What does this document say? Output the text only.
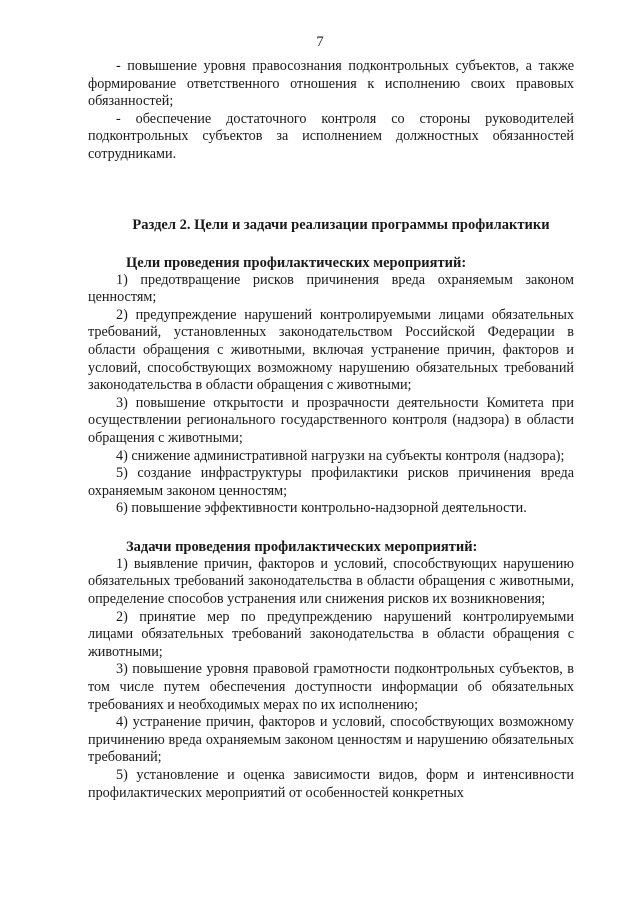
7

- повышение уровня правосознания подконтрольных субъектов, а также формирование ответственного отношения к исполнению своих правовых обязанностей;

- обеспечение достаточного контроля со стороны руководителей подконтрольных субъектов за исполнением должностных обязанностей сотрудниками.

Раздел 2. Цели и задачи реализации программы профилактики
Цели проведения профилактических мероприятий:

1) предотвращение рисков причинения вреда охраняемым законом ценностям;

2) предупреждение нарушений контролируемыми лицами обязательных требований, установленных законодательством Российской Федерации в области обращения с животными, включая устранение причин, факторов и условий, способствующих возможному нарушению обязательных требований законодательства в области обращения с животными;

3) повышение открытости и прозрачности деятельности Комитета при осуществлении регионального государственного контроля (надзора) в области обращения с животными;

4) снижение административной нагрузки на субъекты контроля (надзора);

5) создание инфраструктуры профилактики рисков причинения вреда охраняемым законом ценностям;

6) повышение эффективности контрольно-надзорной деятельности.

Задачи проведения профилактических мероприятий:

1) выявление причин, факторов и условий, способствующих нарушению обязательных требований законодательства в области обращения с животными, определение способов устранения или снижения рисков их возникновения;

2) принятие мер по предупреждению нарушений контролируемыми лицами обязательных требований законодательства в области обращения с животными;

3) повышение уровня правовой грамотности подконтрольных субъектов, в том числе путем обеспечения доступности информации об обязательных требованиях и необходимых мерах по их исполнению;

4) устранение причин, факторов и условий, способствующих возможному причинению вреда охраняемым законом ценностям и нарушению обязательных требований;

5) установление и оценка зависимости видов, форм и интенсивности профилактических мероприятий от особенностей конкретных
